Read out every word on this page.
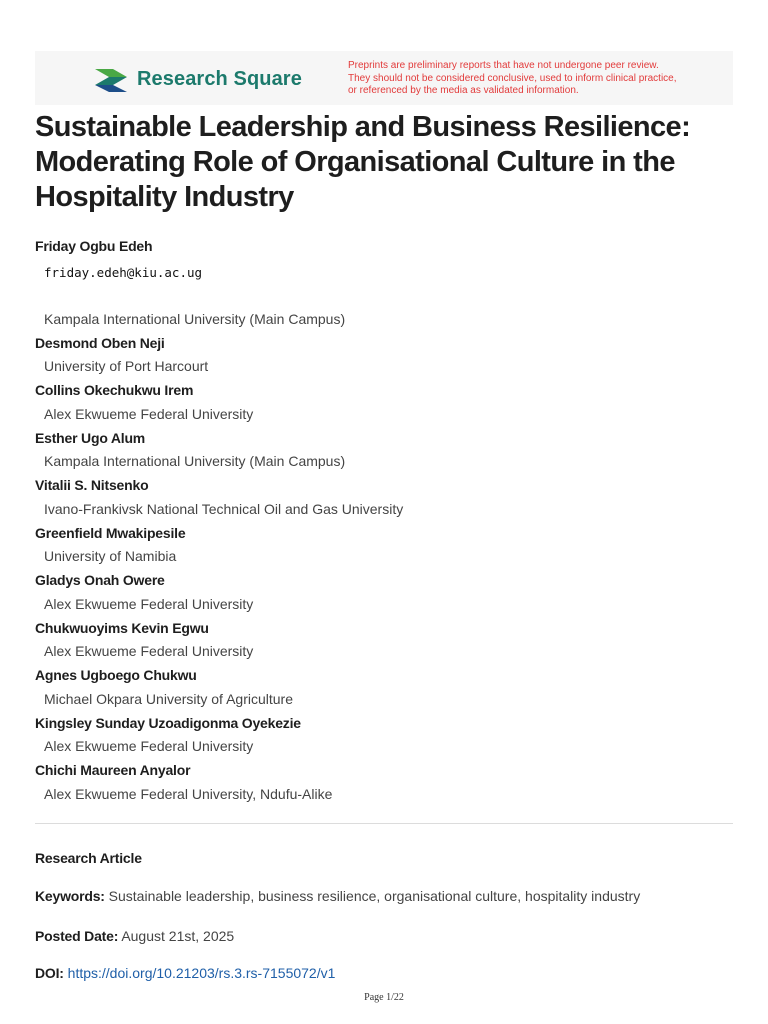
Research Square
Preprints are preliminary reports that have not undergone peer review.
They should not be considered conclusive, used to inform clinical practice,
or referenced by the media as validated information.
Sustainable Leadership and Business Resilience: Moderating Role of Organisational Culture in the Hospitality Industry
Friday Ogbu Edeh
friday.edeh@kiu.ac.ug
Kampala International University (Main Campus)
Desmond Oben Neji
University of Port Harcourt
Collins Okechukwu Irem
Alex Ekwueme Federal University
Esther Ugo Alum
Kampala International University (Main Campus)
Vitalii S. Nitsenko
Ivano-Frankivsk National Technical Oil and Gas University
Greenfield Mwakipesile
University of Namibia
Gladys Onah Owere
Alex Ekwueme Federal University
Chukwuoyims Kevin Egwu
Alex Ekwueme Federal University
Agnes Ugboego Chukwu
Michael Okpara University of Agriculture
Kingsley Sunday Uzoadigonma Oyekezie
Alex Ekwueme Federal University
Chichi Maureen Anyalor
Alex Ekwueme Federal University, Ndufu-Alike
Research Article
Keywords: Sustainable leadership, business resilience, organisational culture, hospitality industry
Posted Date: August 21st, 2025
DOI: https://doi.org/10.21203/rs.3.rs-7155072/v1
Page 1/22
